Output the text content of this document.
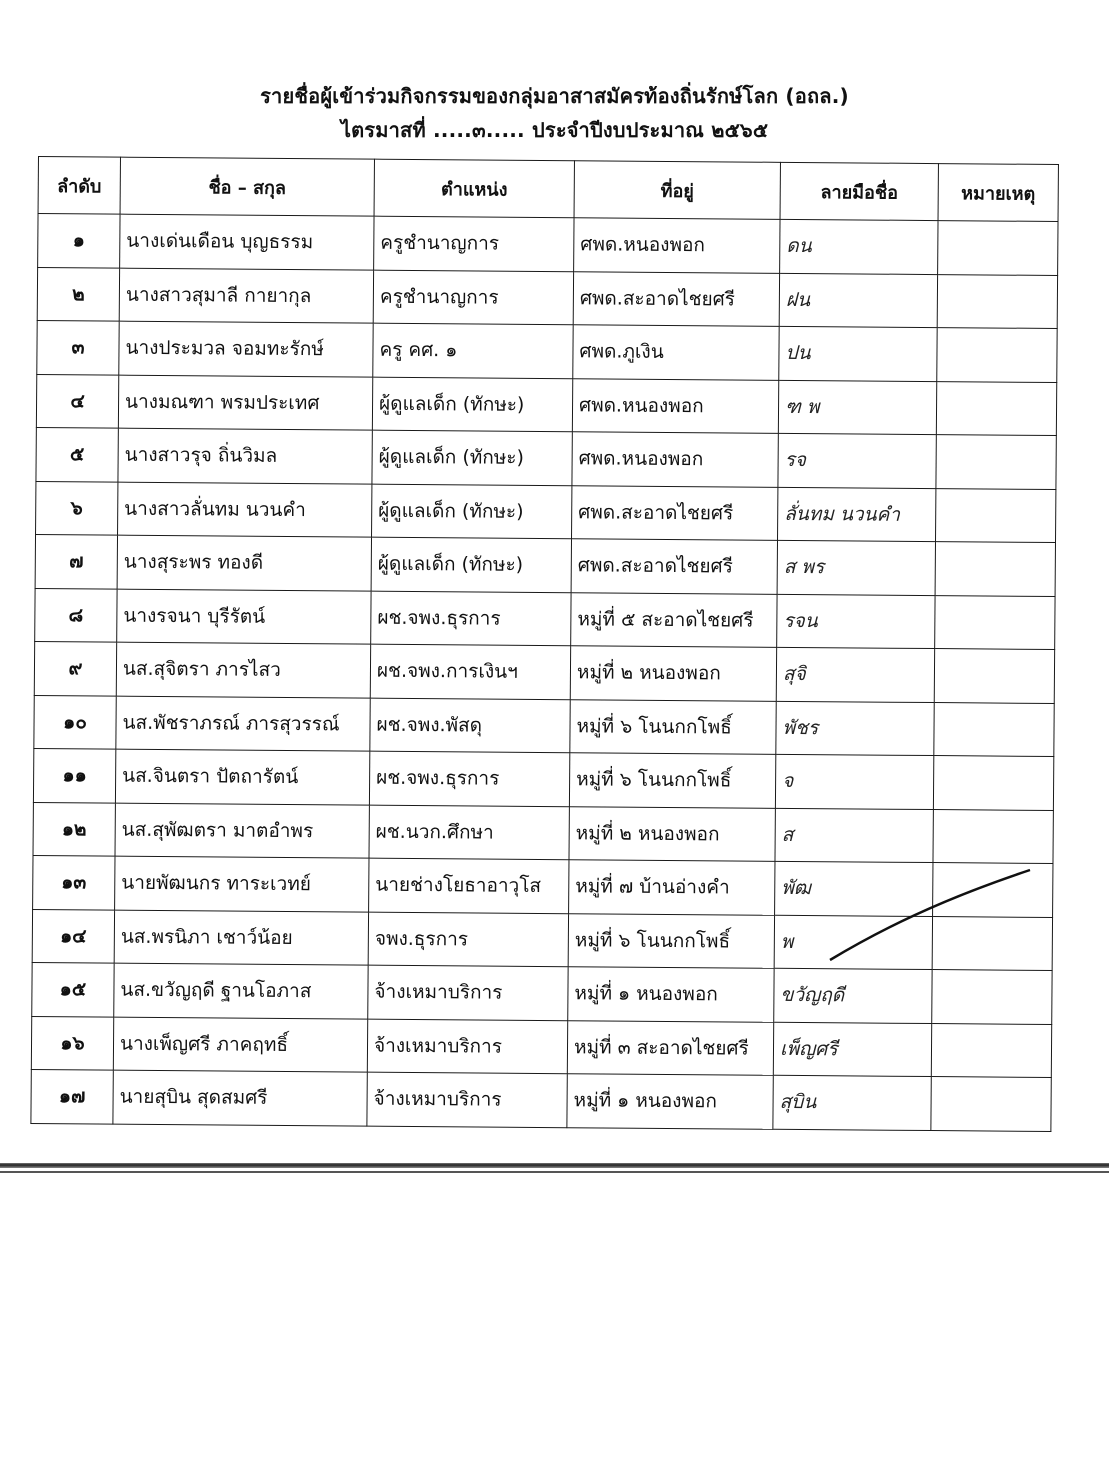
รายชื่อผู้เข้าร่วมกิจกรรมของกลุ่มอาสาสมัครท้องถิ่นรักษ์โลก (อถล.)
ไตรมาสที่ .....๓..... ประจำปีงบประมาณ ๒๕๖๕
ลำดับ	ชื่อ – สกุล	ตำแหน่ง	ที่อยู่	ลายมือชื่อ	หมายเหตุ
๑	นางเด่นเดือน บุญธรรม	ครูชำนาญการ	ศพด.หนองพอก	ดน	
๒	นางสาวสุมาลี กายากุล	ครูชำนาญการ	ศพด.สะอาดไชยศรี	ฝน	
๓	นางประมวล จอมทะรักษ์	ครู คศ. ๑	ศพด.ภูเงิน	ปน	
๔	นางมณฑา พรมประเทศ	ผู้ดูแลเด็ก (ทักษะ)	ศพด.หนองพอก	ฑ พ	
๕	นางสาวรุจ ถิ่นวิมล	ผู้ดูแลเด็ก (ทักษะ)	ศพด.หนองพอก	รจ	
๖	นางสาวลั่นทม นวนคำ	ผู้ดูแลเด็ก (ทักษะ)	ศพด.สะอาดไชยศรี	ลั่นทม นวนคำ	
๗	นางสุระพร ทองดี	ผู้ดูแลเด็ก (ทักษะ)	ศพด.สะอาดไชยศรี	ส พร	
๘	นางรจนา บุรีรัตน์	ผช.จพง.ธุรการ	หมู่ที่ ๕ สะอาดไชยศรี	รจน	
๙	นส.สุจิตรา ภารไสว	ผช.จพง.การเงินฯ	หมู่ที่ ๒ หนองพอก	สุจิ	
๑๐	นส.พัชราภรณ์ ภารสุวรรณ์	ผช.จพง.พัสดุ	หมู่ที่ ๖ โนนกกโพธิ์	พัชร	
๑๑	นส.จินตรา ปัตถารัตน์	ผช.จพง.ธุรการ	หมู่ที่ ๖ โนนกกโพธิ์	จ	
๑๒	นส.สุพัฒตรา มาตอำพร	ผช.นวก.ศึกษา	หมู่ที่ ๒ หนองพอก	ส	
๑๓	นายพัฒนกร ทาระเวทย์	นายช่างโยธาอาวุโส	หมู่ที่ ๗ บ้านอ่างคำ	พัฒ	
๑๔	นส.พรนิภา เชาว์น้อย	จพง.ธุรการ	หมู่ที่ ๖ โนนกกโพธิ์	พ	
๑๕	นส.ขวัญฤดี ฐานโอภาส	จ้างเหมาบริการ	หมู่ที่ ๑ หนองพอก	ขวัญฤดี	
๑๖	นางเพ็ญศรี ภาคฤทธิ์	จ้างเหมาบริการ	หมู่ที่ ๓ สะอาดไชยศรี	เพ็ญศรี	
๑๗	นายสุบิน สุดสมศรี	จ้างเหมาบริการ	หมู่ที่ ๑ หนองพอก	สุบิน	
